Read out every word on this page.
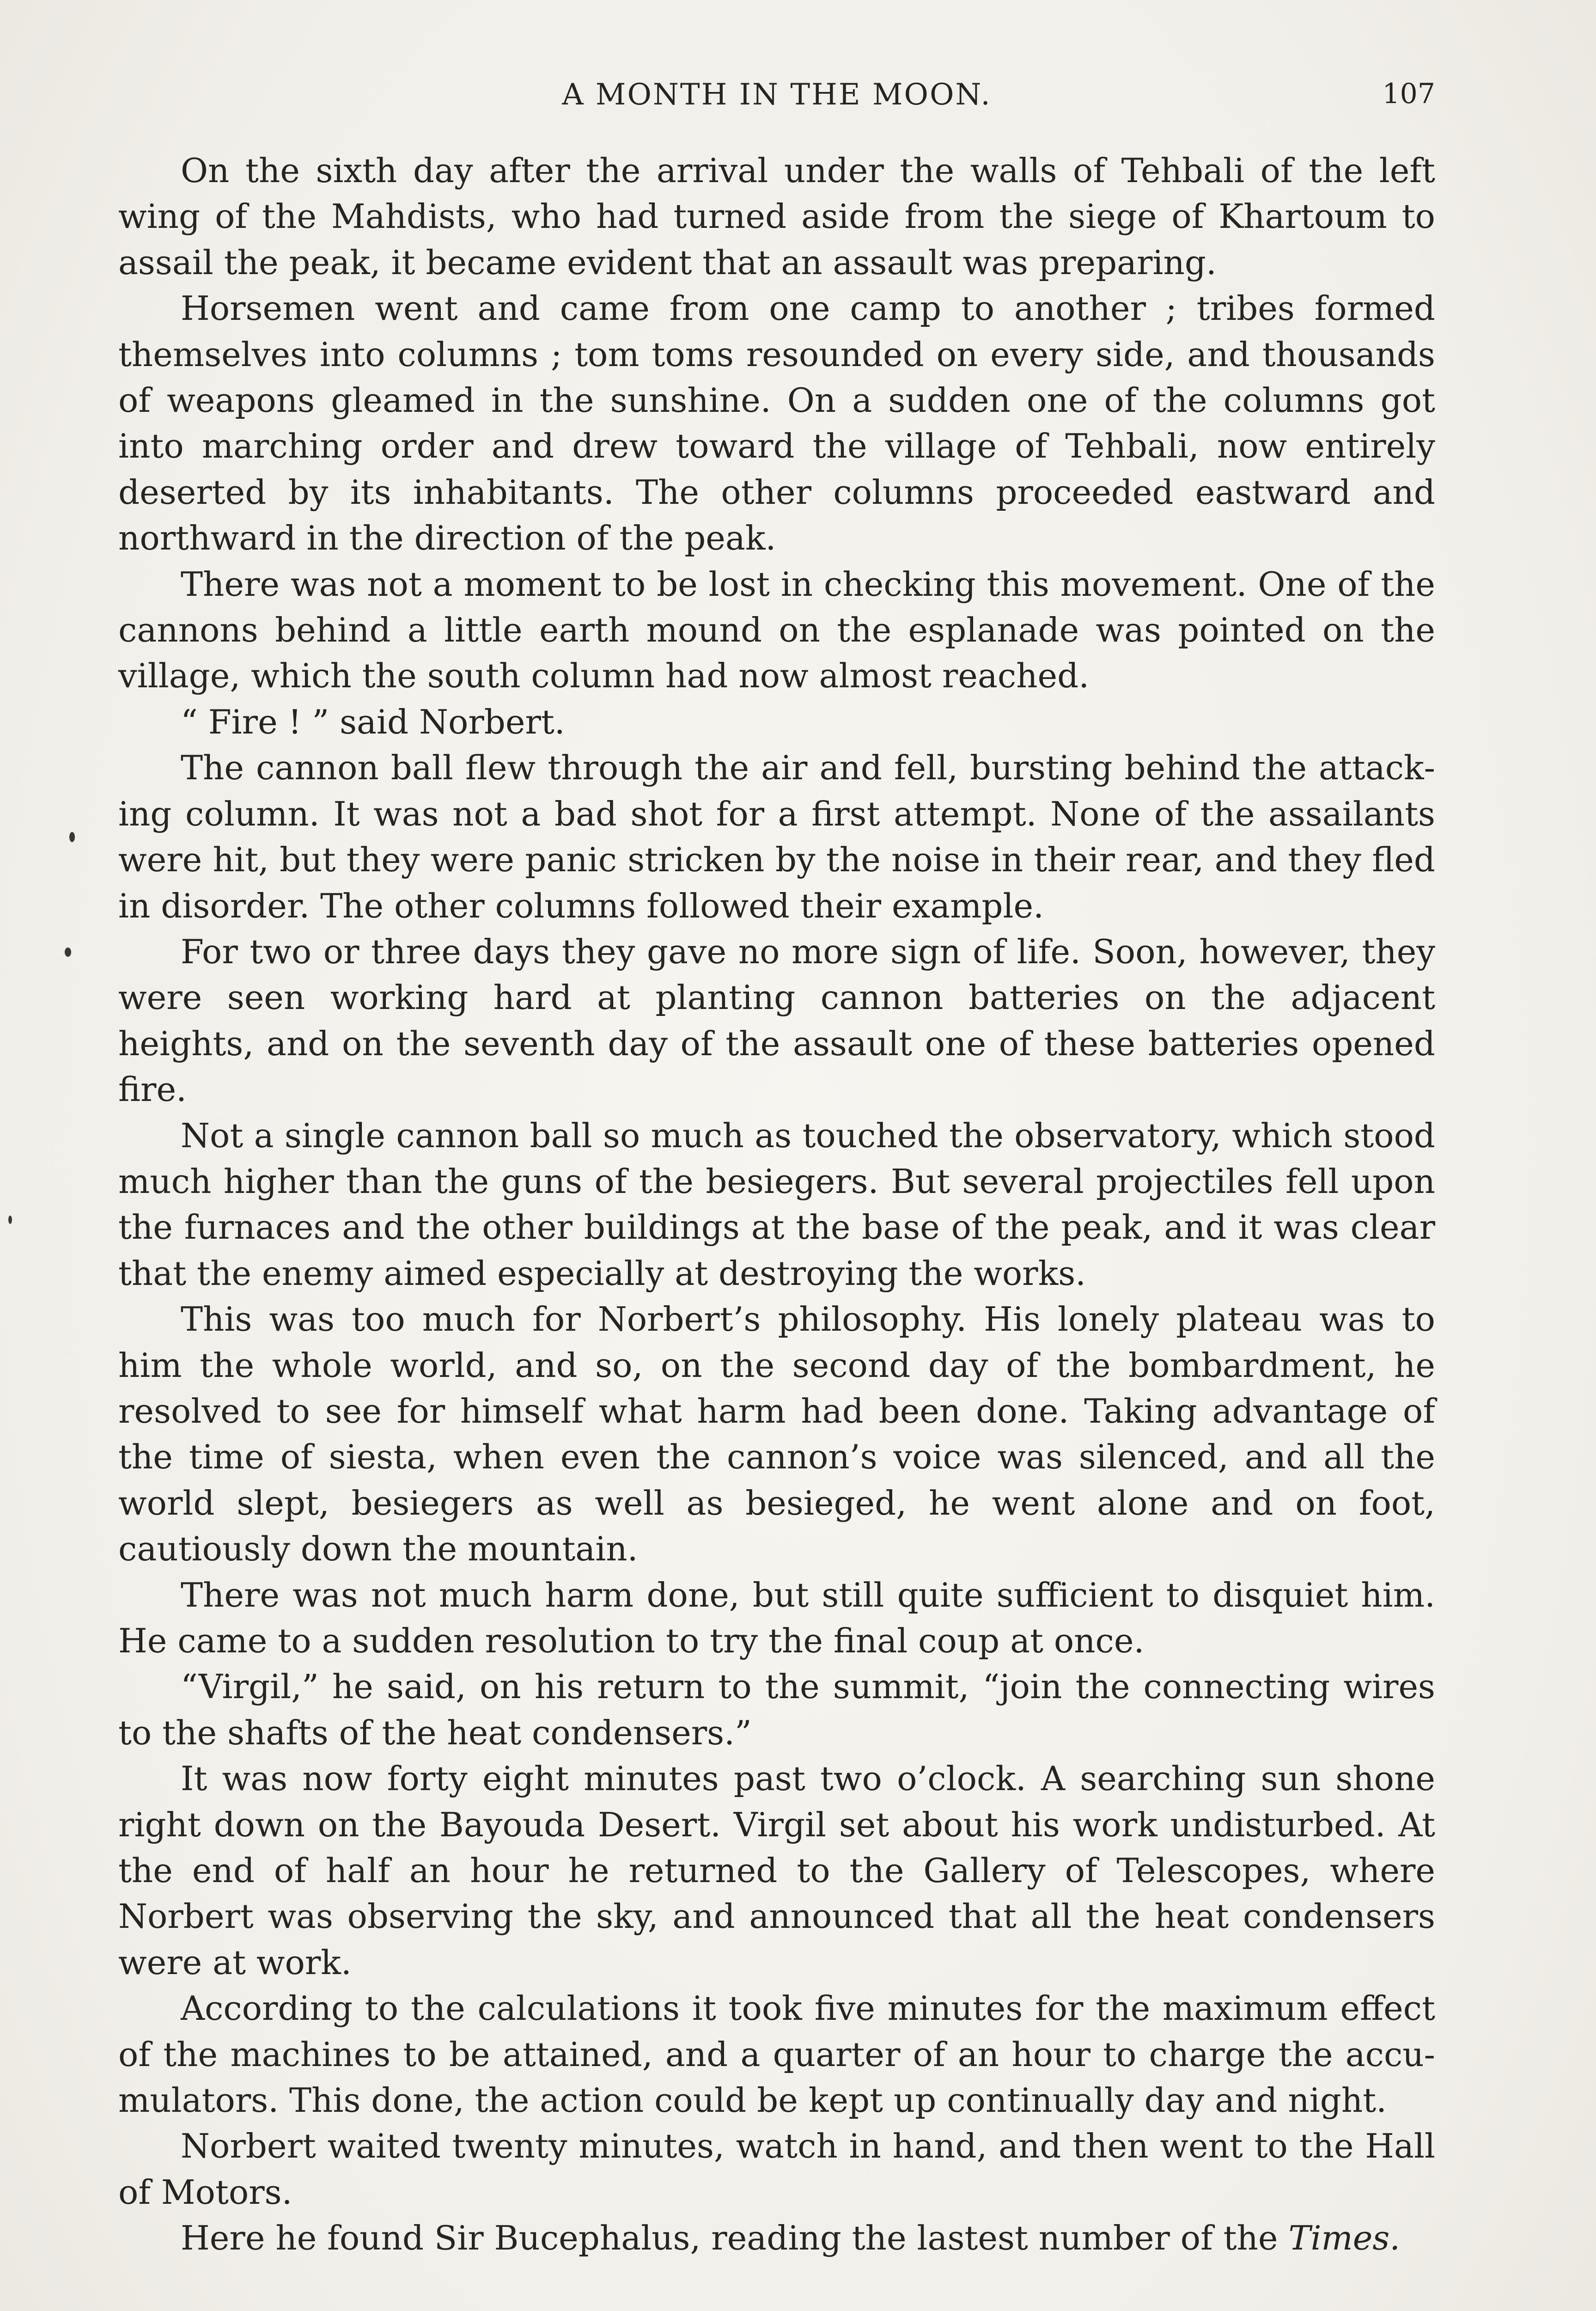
A MONTH IN THE MOON.	107

On the sixth day after the arrival under the walls of Tehbali of the left wing of the Mahdists, who had turned aside from the siege of Khartoum to assail the peak, it became evident that an assault was preparing.

Horsemen went and came from one camp to another ; tribes formed themselves into columns ; tom toms resounded on every side, and thousands of weapons gleamed in the sunshine. On a sudden one of the columns got into marching order and drew toward the village of Tehbali, now entirely deserted by its inhabitants. The other columns proceeded eastward and northward in the direction of the peak.

There was not a moment to be lost in checking this movement. One of the cannons behind a little earth mound on the esplanade was pointed on the village, which the south column had now almost reached.

“ Fire ! ” said Norbert.

The cannon ball flew through the air and fell, bursting behind the attacking column. It was not a bad shot for a first attempt. None of the assailants were hit, but they were panic stricken by the noise in their rear, and they fled in disorder. The other columns followed their example.

For two or three days they gave no more sign of life. Soon, however, they were seen working hard at planting cannon batteries on the adjacent heights, and on the seventh day of the assault one of these batteries opened fire.

Not a single cannon ball so much as touched the observatory, which stood much higher than the guns of the besiegers. But several projectiles fell upon the furnaces and the other buildings at the base of the peak, and it was clear that the enemy aimed especially at destroying the works.

This was too much for Norbert’s philosophy. His lonely plateau was to him the whole world, and so, on the second day of the bombardment, he resolved to see for himself what harm had been done. Taking advantage of the time of siesta, when even the cannon’s voice was silenced, and all the world slept, besiegers as well as besieged, he went alone and on foot, cautiously down the mountain.

There was not much harm done, but still quite sufficient to disquiet him. He came to a sudden resolution to try the final coup at once.

“Virgil,” he said, on his return to the summit, “join the connecting wires to the shafts of the heat condensers.”

It was now forty eight minutes past two o’clock. A searching sun shone right down on the Bayouda Desert. Virgil set about his work undisturbed. At the end of half an hour he returned to the Gallery of Telescopes, where Norbert was observing the sky, and announced that all the heat condensers were at work.

According to the calculations it took five minutes for the maximum effect of the machines to be attained, and a quarter of an hour to charge the accumulators. This done, the action could be kept up continually day and night.

Norbert waited twenty minutes, watch in hand, and then went to the Hall of Motors.

Here he found Sir Bucephalus, reading the lastest number of the Times.
